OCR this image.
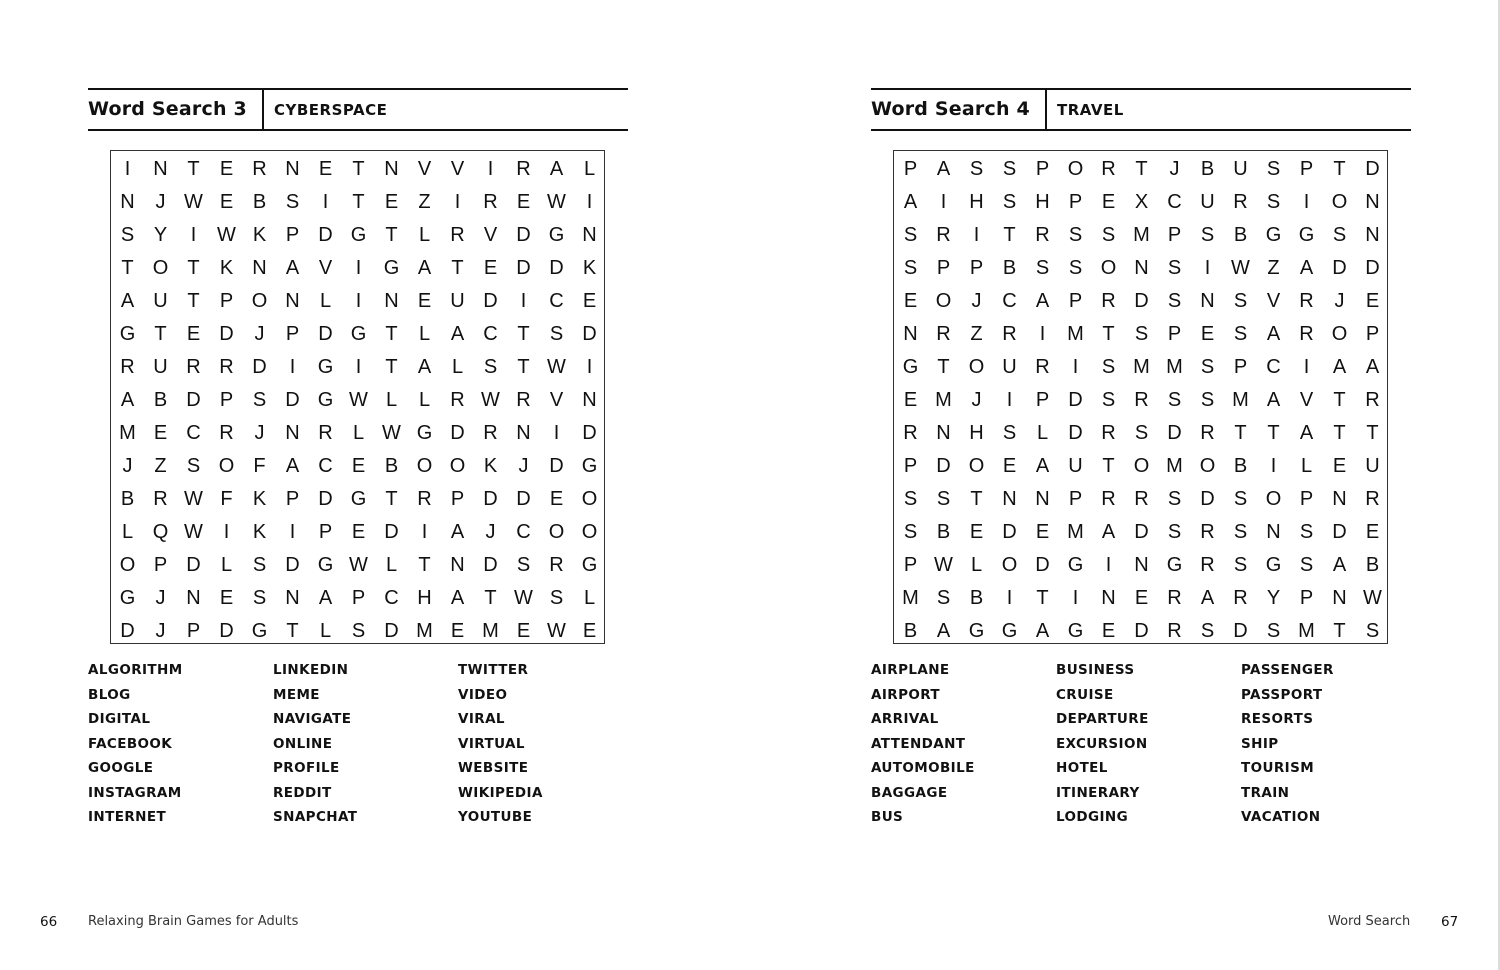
Word Search 3	CYBERSPACE
I	N T	E R N E	T N V V	I	R A	L
N	J W E B S	I	T	E	Z	I	R E W	I
S Y	I	W K P D G T	L	R V D G N
T O T	K N A V	I	G A	T	E D D K
A U T	P O N	L	I	N E U D	I	C E
G T	E D	J	P D G T	L	A C T	S D
R U R R D	I	G	I	T	A	L	S	T W	I
A B D P S D G W L	L	R W R V N
M E C R	J	N R	L W G D R N	I	D
J	Z	S O F	A C E B O O K	J	D G
B R W F	K P D G T R P D D E O
L Q W	I	K	I	P E D	I	A	J	C O O
O P D	L	S D G W L	T N D S R G
G	J	N E S N A P C H A	T W S	L
D	J	P D G T	L	S D M E M E W E
ALGORITHM
BLOG
DIGITAL
FACEBOOK
GOOGLE
INSTAGRAM
INTERNET
LINKEDIN
MEME
NAVIGATE
ONLINE
PROFILE
REDDIT
SNAPCHAT
TWITTER
VIDEO
VIRAL
VIRTUAL
WEBSITE
WIKIPEDIA
YOUTUBE
Word Search 4	TRAVEL
P A S S P O R T	J	B U S P	T D
A	I	H S H P E X C U R S	I	O N
S R	I	T R S S M P S B G G S N
S P P B S S O N S	I	W Z	A D D
E O	J	C A P R D S N S V R	J	E
N R Z R	I	M T	S P E S A R O P
G T O U R	I	S M M S P C	I	A A
E M J	I	P D S R S S M A V	T R
R N H S	L	D R S D R T	T	A	T	T
P D O E A U T O M O B	I	L	E U
S S	T N N P R R S D S O P N R
S B E D E M A D S R S N S D E
P W L O D G	I	N G R S G S A B
M S B	I	T	I	N E R A R Y P N W
B A G G A G E D R S D S M T	S
AIRPLANE
AIRPORT
ARRIVAL
ATTENDANT
AUTOMOBILE
BAGGAGE
BUS
BUSINESS
CRUISE
DEPARTURE
EXCURSION
HOTEL
ITINERARY
LODGING
PASSENGER
PASSPORT
RESORTS
SHIP
TOURISM
TRAIN
VACATION
66 Relaxing Brain Games for Adults	Word Search 67
